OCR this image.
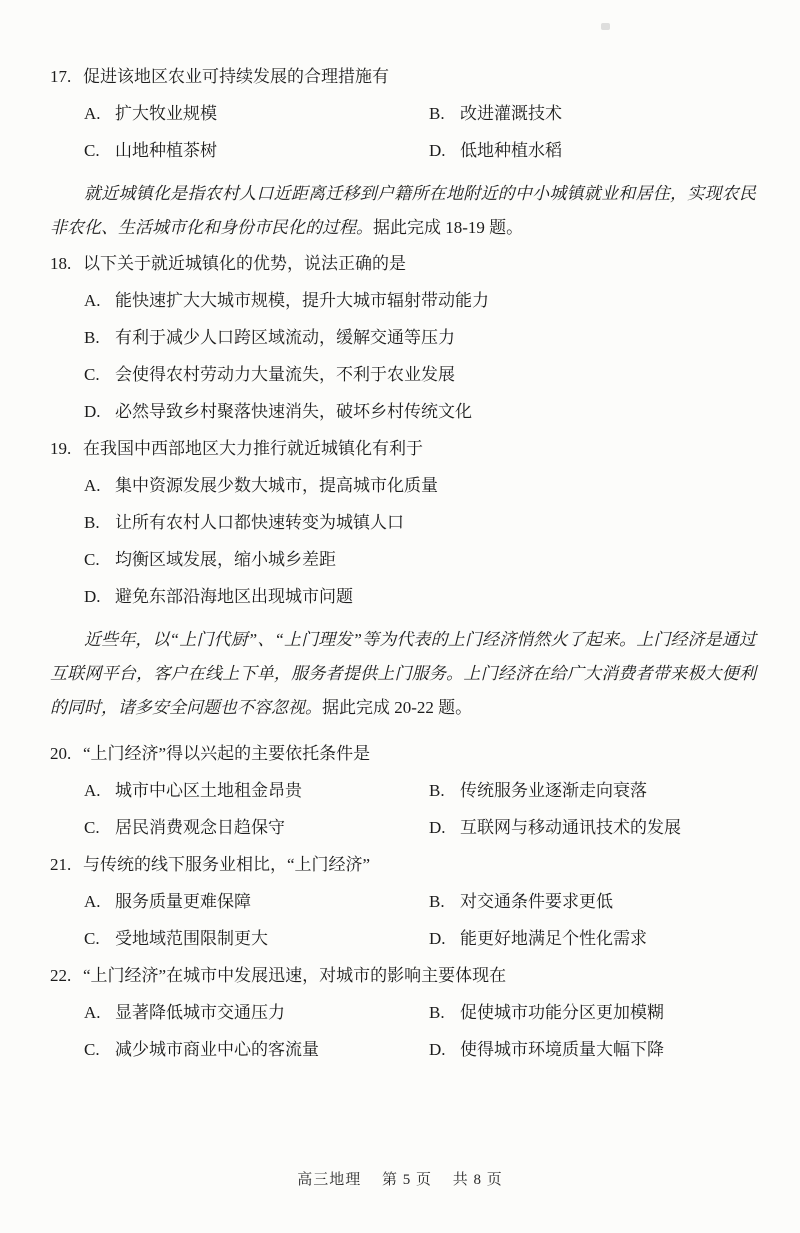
17. 促进该地区农业可持续发展的合理措施有
A. 扩大牧业规模	B. 改进灌溉技术
C. 山地种植茶树	D. 低地种植水稻

就近城镇化是指农村人口近距离迁移到户籍所在地附近的中小城镇就业和居住，实现农民非农化、生活城市化和身份市民化的过程。据此完成 18-19 题。

18. 以下关于就近城镇化的优势，说法正确的是
A. 能快速扩大大城市规模，提升大城市辐射带动能力
B. 有利于减少人口跨区域流动，缓解交通等压力
C. 会使得农村劳动力大量流失，不利于农业发展
D. 必然导致乡村聚落快速消失，破坏乡村传统文化
19. 在我国中西部地区大力推行就近城镇化有利于
A. 集中资源发展少数大城市，提高城市化质量
B. 让所有农村人口都快速转变为城镇人口
C. 均衡区域发展，缩小城乡差距
D. 避免东部沿海地区出现城市问题

近些年，以“上门代厨”、“上门理发”等为代表的上门经济悄然火了起来。上门经济是通过互联网平台，客户在线上下单，服务者提供上门服务。上门经济在给广大消费者带来极大便利的同时，诸多安全问题也不容忽视。据此完成 20-22 题。

20. “上门经济”得以兴起的主要依托条件是
A. 城市中心区土地租金昂贵	B. 传统服务业逐渐走向衰落
C. 居民消费观念日趋保守	D. 互联网与移动通讯技术的发展
21. 与传统的线下服务业相比，“上门经济”
A. 服务质量更难保障	B. 对交通条件要求更低
C. 受地域范围限制更大	D. 能更好地满足个性化需求
22. “上门经济”在城市中发展迅速，对城市的影响主要体现在
A. 显著降低城市交通压力	B. 促使城市功能分区更加模糊
C. 减少城市商业中心的客流量	D. 使得城市环境质量大幅下降
高三地理 第 5 页 共 8 页
